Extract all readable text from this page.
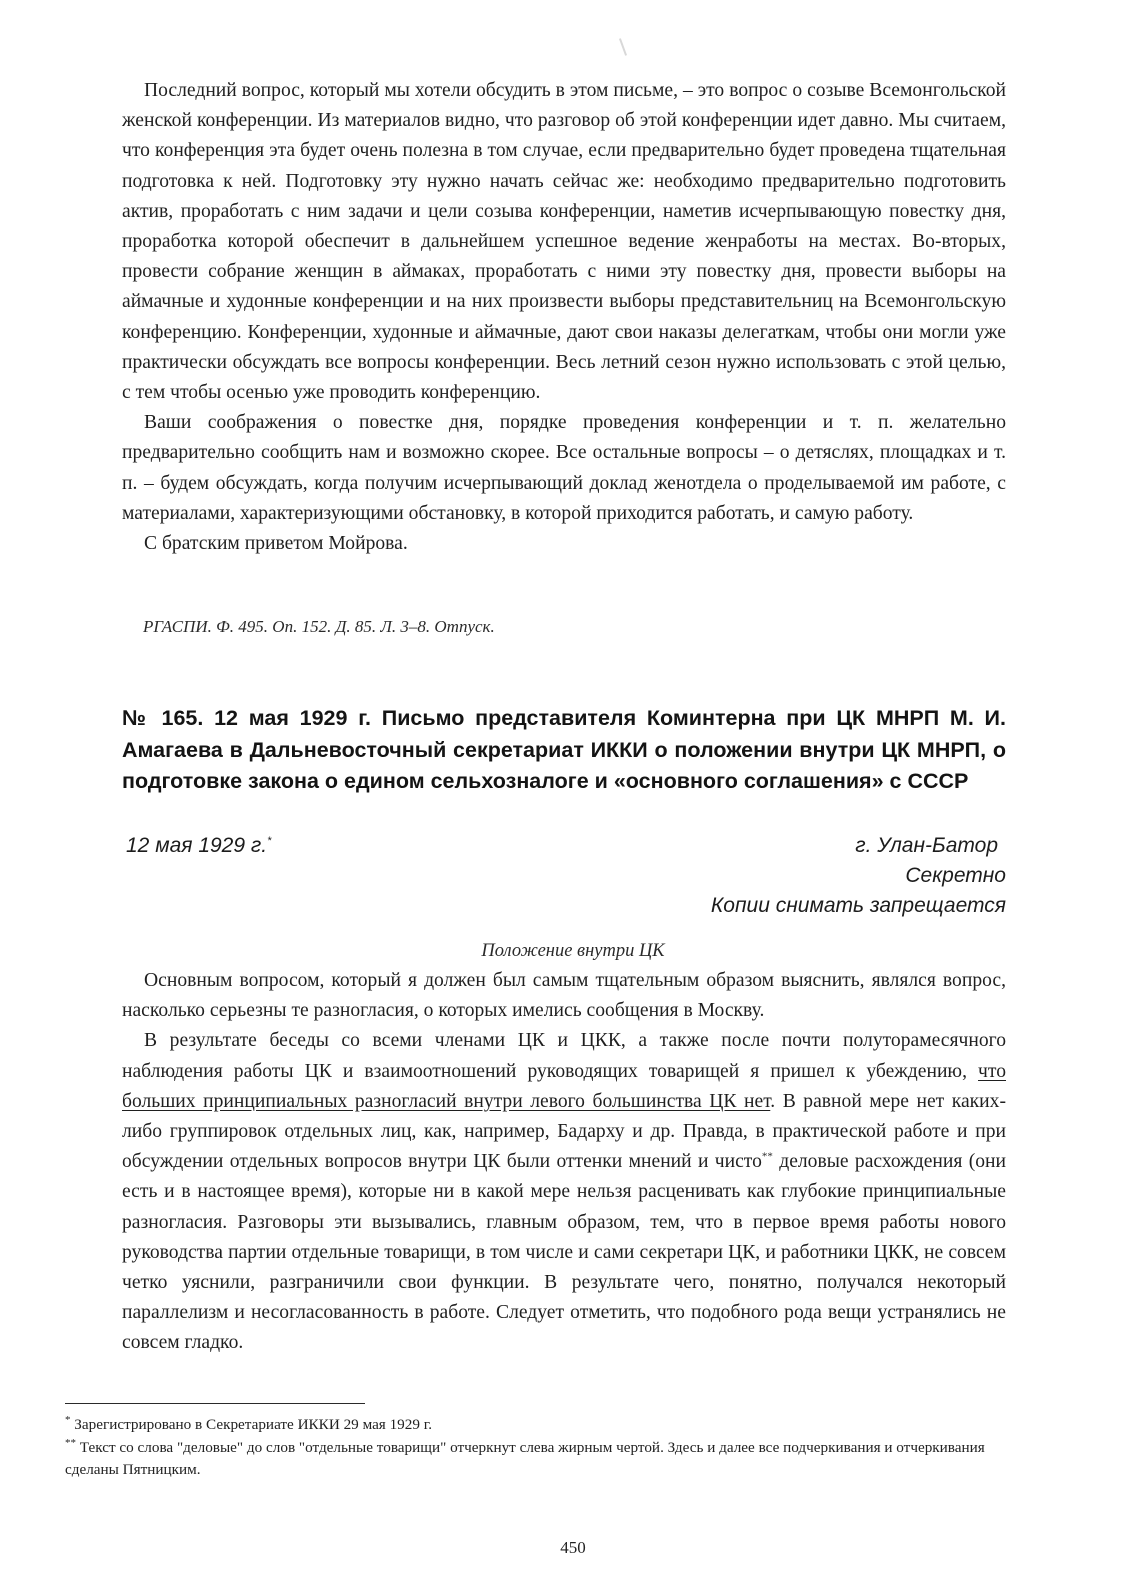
Последний вопрос, который мы хотели обсудить в этом письме, – это вопрос о созыве Всемонгольской женской конференции. Из материалов видно, что разговор об этой конференции идет давно. Мы считаем, что конференция эта будет очень полезна в том случае, если предварительно будет проведена тщательная подготовка к ней. Подготовку эту нужно начать сейчас же: необходимо предварительно подготовить актив, проработать с ним задачи и цели созыва конференции, наметив исчерпывающую повестку дня, проработка которой обеспечит в дальнейшем успешное ведение женработы на местах. Во-вторых, провести собрание женщин в аймаках, проработать с ними эту повестку дня, провести выборы на аймачные и худонные конференции и на них произвести выборы представительниц на Всемонгольскую конференцию. Конференции, худонные и аймачные, дают свои наказы делегаткам, чтобы они могли уже практически обсуждать все вопросы конференции. Весь летний сезон нужно использовать с этой целью, с тем чтобы осенью уже проводить конференцию.

Ваши соображения о повестке дня, порядке проведения конференции и т. п. желательно предварительно сообщить нам и возможно скорее. Все остальные вопросы – о детяслях, площадках и т. п. – будем обсуждать, когда получим исчерпывающий доклад женотдела о проделываемой им работе, с материалами, характеризующими обстановку, в которой приходится работать, и самую работу.

С братским приветом Мойрова.

РГАСПИ. Ф. 495. Оп. 152. Д. 85. Л. 3–8. Отпуск.
№ 165. 12 мая 1929 г. Письмо представителя Коминтерна при ЦК МНРП М. И. Амагаева в Дальневосточный секретариат ИККИ о положении внутри ЦК МНРП, о подготовке закона о едином сельхозналоге и «основного соглашения» с СССР
12 мая 1929 г.*	г. Улан-Батор
Секретно
Копии снимать запрещается
Положение внутри ЦК

Основным вопросом, который я должен был самым тщательным образом выяснить, являлся вопрос, насколько серьезны те разногласия, о которых имелись сообщения в Москву.

В результате беседы со всеми членами ЦК и ЦКК, а также после почти полуторамесячного наблюдения работы ЦК и взаимоотношений руководящих товарищей я пришел к убеждению, что больших принципиальных разногласий внутри левого большинства ЦК нет. В равной мере нет каких-либо группировок отдельных лиц, как, например, Бадарху и др. Правда, в практической работе и при обсуждении отдельных вопросов внутри ЦК были оттенки мнений и чисто** деловые расхождения (они есть и в настоящее время), которые ни в какой мере нельзя расценивать как глубокие принципиальные разногласия. Разговоры эти вызывались, главным образом, тем, что в первое время работы нового руководства партии отдельные товарищи, в том числе и сами секретари ЦК, и работники ЦКК, не совсем четко уяснили, разграничили свои функции. В результате чего, понятно, получался некоторый параллелизм и несогласованность в работе. Следует отметить, что подобного рода вещи устранялись не совсем гладко.

* Зарегистрировано в Секретариате ИККИ 29 мая 1929 г.

** Текст со слова "деловые" до слов "отдельные товарищи" отчеркнут слева жирным чертой. Здесь и далее все подчеркивания и отчеркивания сделаны Пятницким.

450
